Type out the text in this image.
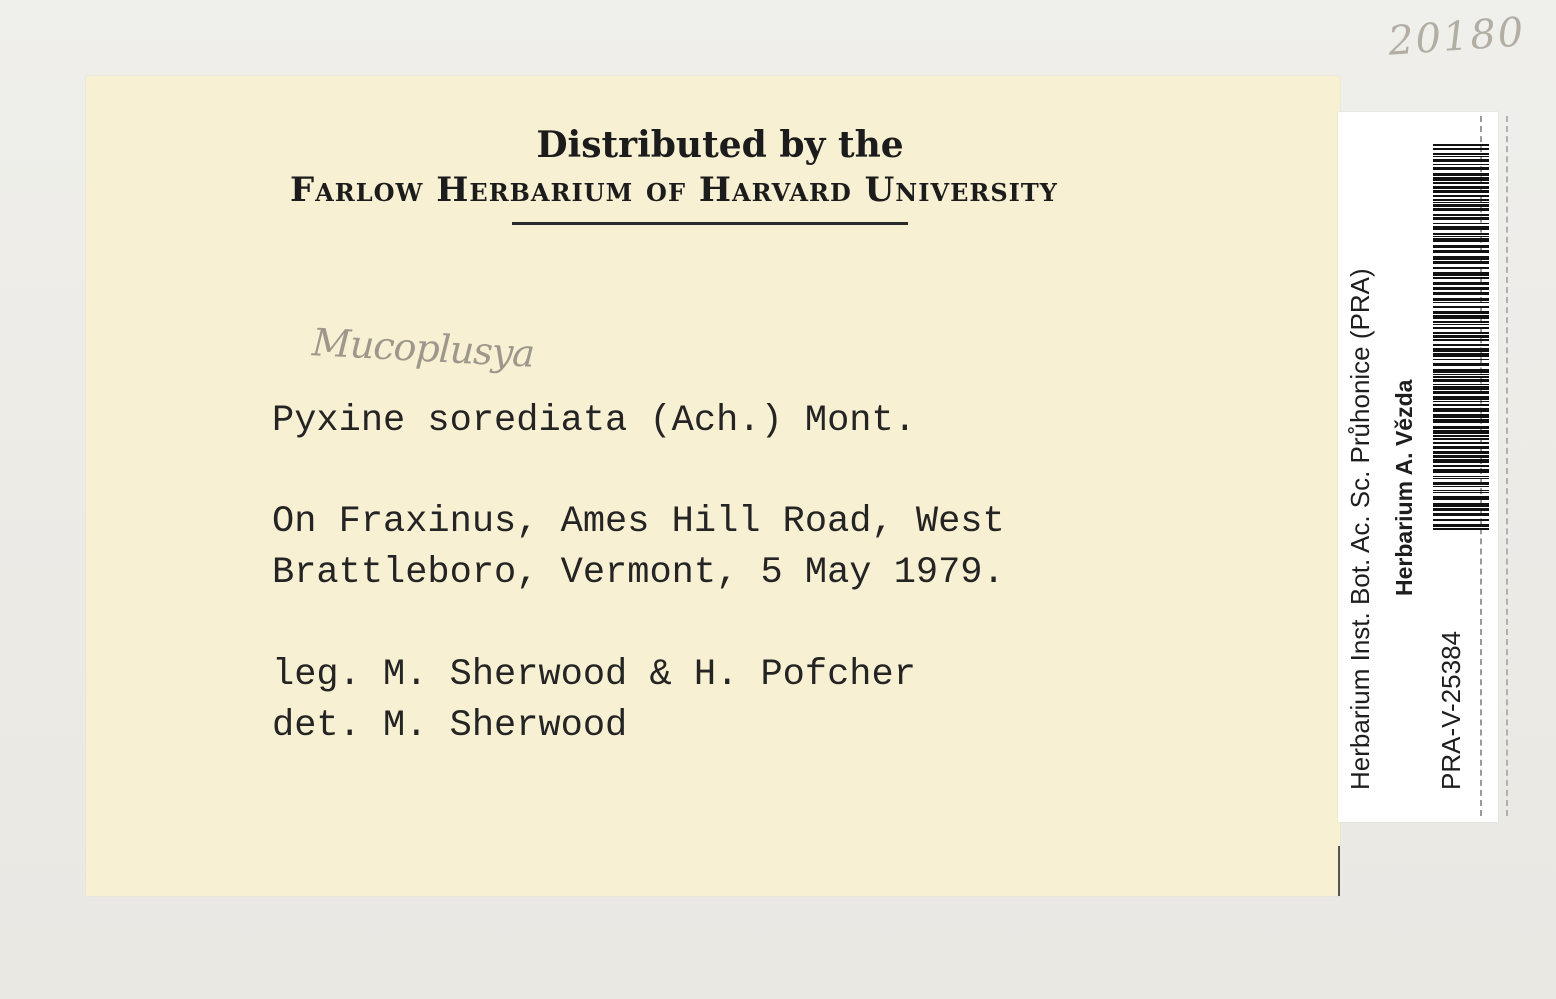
20180
Distributed by the
Farlow Herbarium of Harvard University
Mucoplusya
Pyxine sorediata (Ach.) Mont.
On Fraxinus, Ames Hill Road, West
Brattleboro, Vermont, 5 May 1979.
leg. M. Sherwood & H. Pofcher
det. M. Sherwood	Herbarium Inst. Bot. Ac. Sc. Průhonice (PRA) Herbarium A. Vězda
PRA-V-25384
